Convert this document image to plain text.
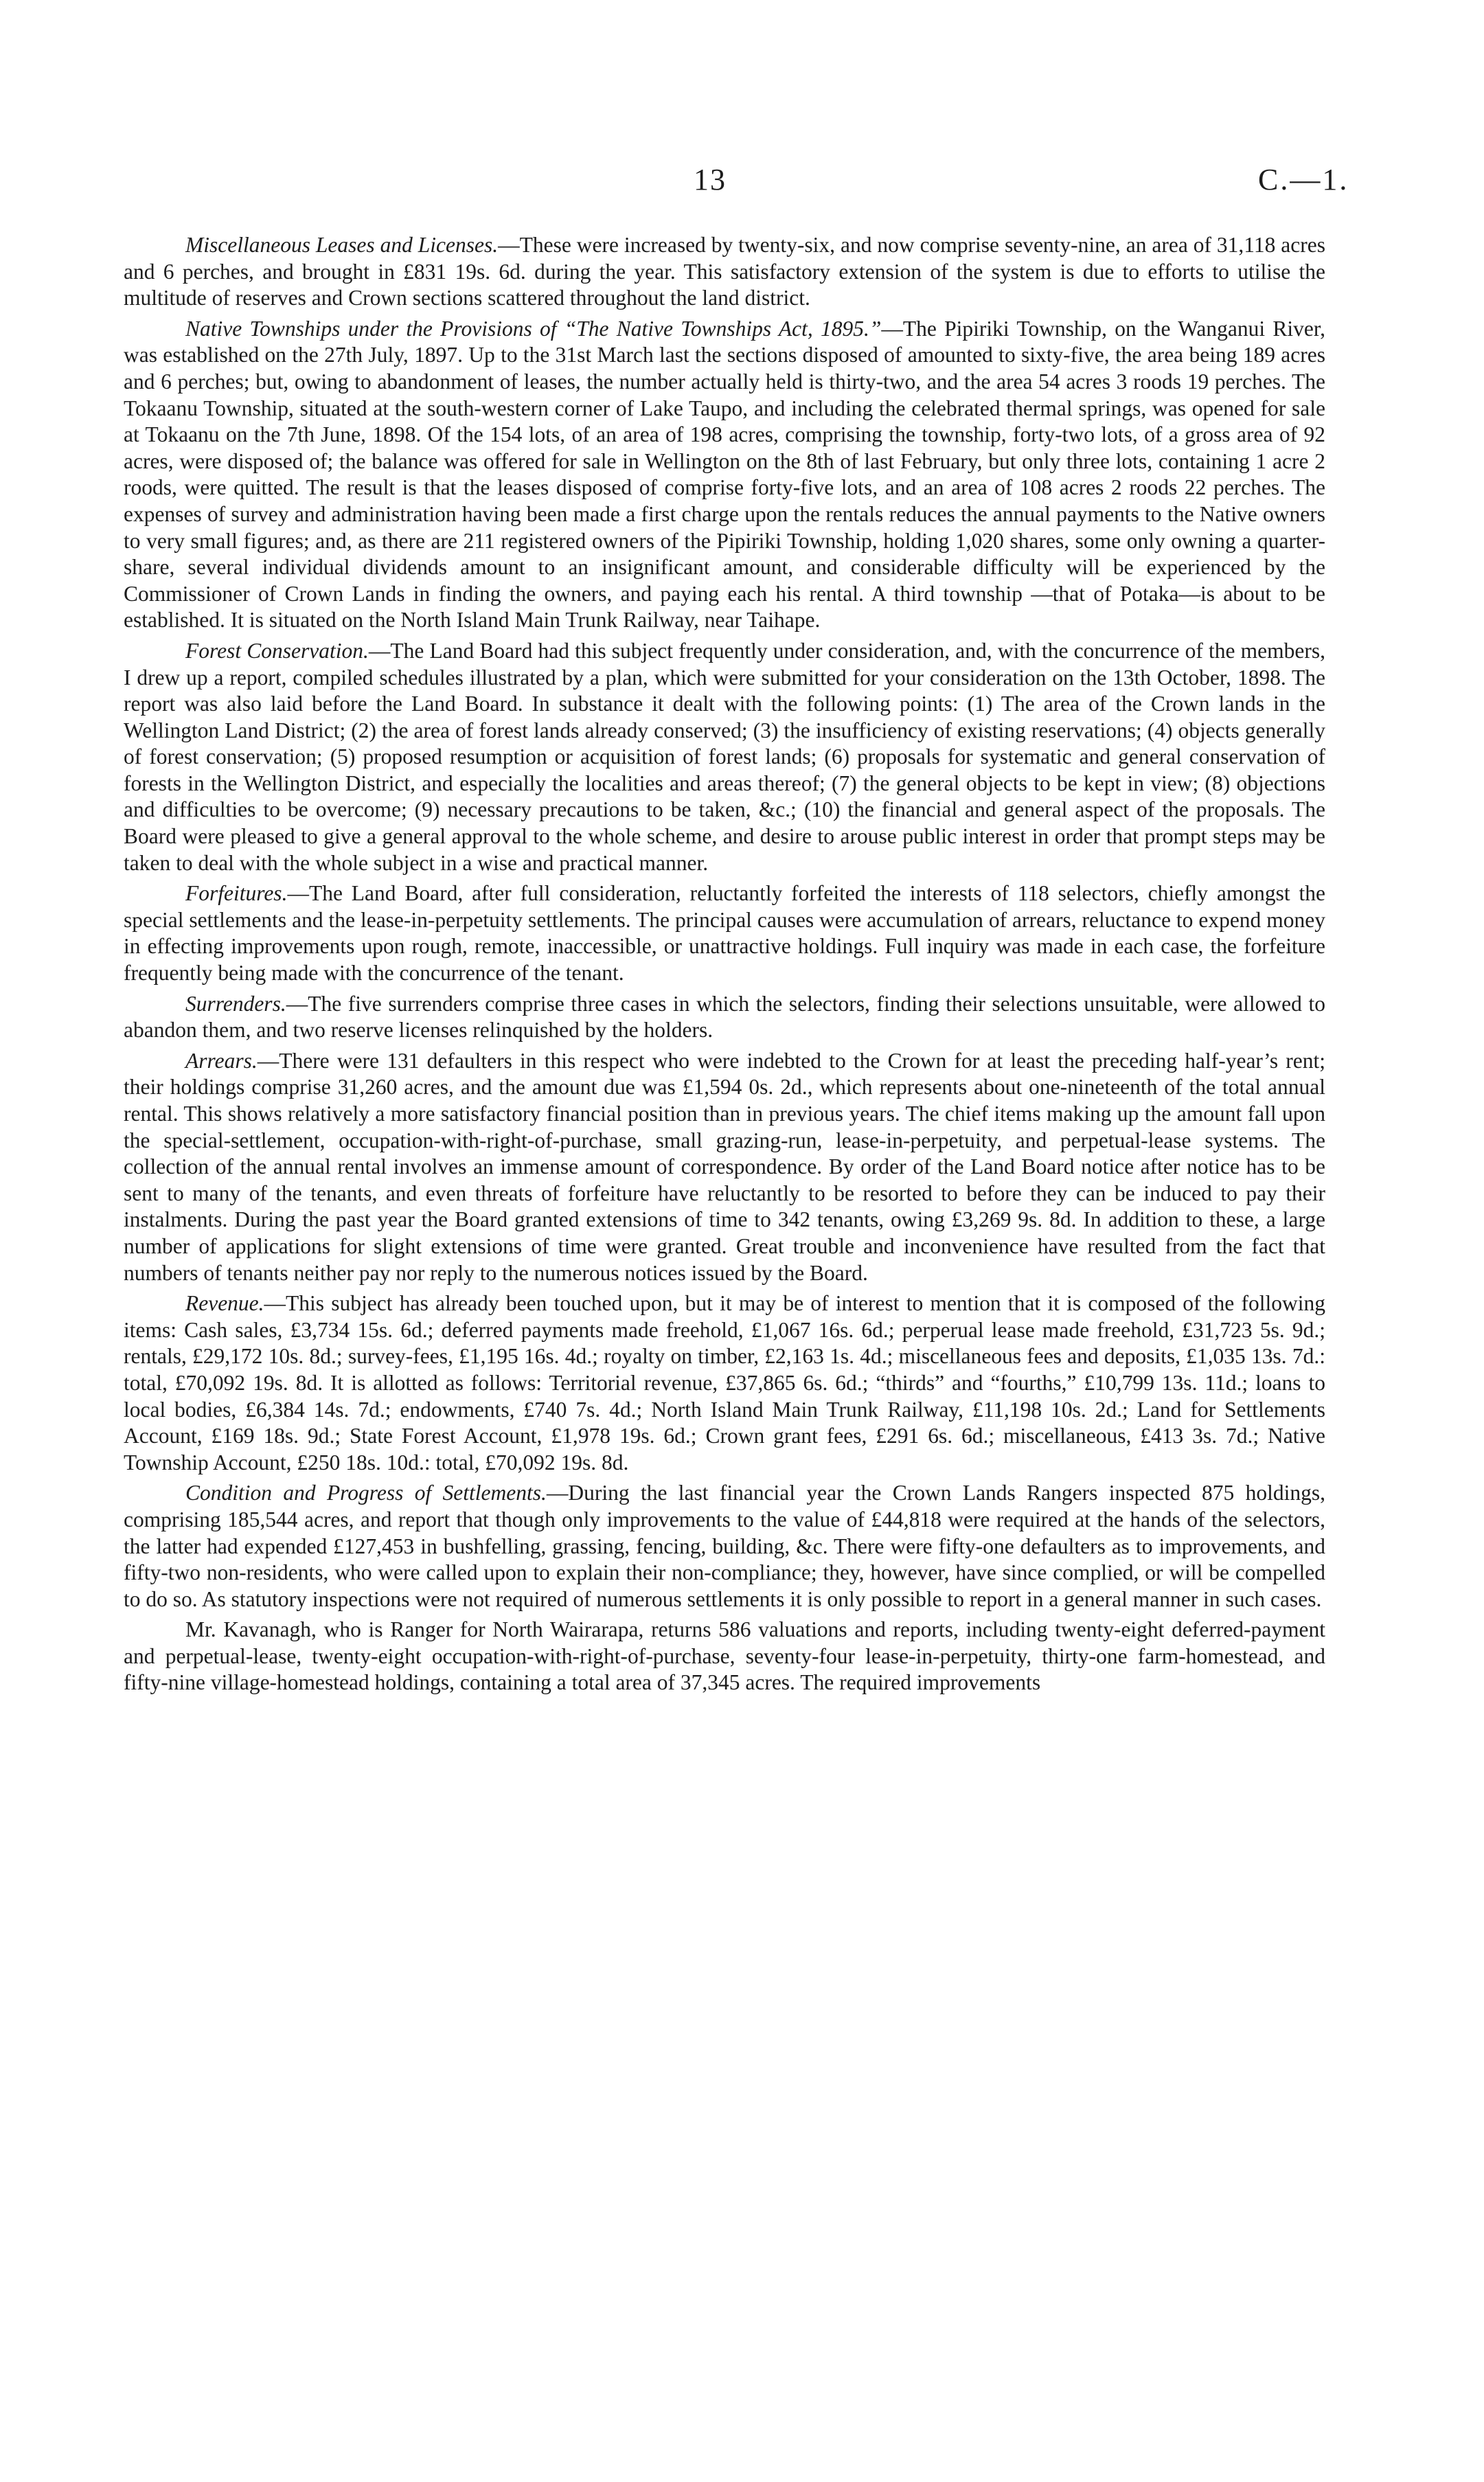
13	C.—1.

Miscellaneous Leases and Licenses.—These were increased by twenty-six, and now comprise seventy-nine, an area of 31,118 acres and 6 perches, and brought in £831 19s. 6d. during the year. This satisfactory extension of the system is due to efforts to utilise the multitude of reserves and Crown sections scattered throughout the land district.

Native Townships under the Provisions of “The Native Townships Act, 1895.”—The Pipiriki Township, on the Wanganui River, was established on the 27th July, 1897. Up to the 31st March last the sections disposed of amounted to sixty-five, the area being 189 acres and 6 perches; but, owing to abandonment of leases, the number actually held is thirty-two, and the area 54 acres 3 roods 19 perches. The Tokaanu Township, situated at the south-western corner of Lake Taupo, and including the celebrated thermal springs, was opened for sale at Tokaanu on the 7th June, 1898. Of the 154 lots, of an area of 198 acres, comprising the township, forty-two lots, of a gross area of 92 acres, were disposed of; the balance was offered for sale in Wellington on the 8th of last February, but only three lots, containing 1 acre 2 roods, were quitted. The result is that the leases disposed of comprise forty-five lots, and an area of 108 acres 2 roods 22 perches. The expenses of survey and administration having been made a first charge upon the rentals reduces the annual payments to the Native owners to very small figures; and, as there are 211 registered owners of the Pipiriki Township, holding 1,020 shares, some only owning a quarter-share, several individual dividends amount to an insignificant amount, and considerable difficulty will be experienced by the Commissioner of Crown Lands in finding the owners, and paying each his rental. A third township —that of Potaka—is about to be established. It is situated on the North Island Main Trunk Railway, near Taihape.

Forest Conservation.—The Land Board had this subject frequently under consideration, and, with the concurrence of the members, I drew up a report, compiled schedules illustrated by a plan, which were submitted for your consideration on the 13th October, 1898. The report was also laid before the Land Board. In substance it dealt with the following points: (1) The area of the Crown lands in the Wellington Land District; (2) the area of forest lands already conserved; (3) the insufficiency of existing reservations; (4) objects generally of forest conservation; (5) proposed resumption or acquisition of forest lands; (6) proposals for systematic and general conservation of forests in the Wellington District, and especially the localities and areas thereof; (7) the general objects to be kept in view; (8) objections and difficulties to be overcome; (9) necessary precautions to be taken, &c.; (10) the financial and general aspect of the proposals. The Board were pleased to give a general approval to the whole scheme, and desire to arouse public interest in order that prompt steps may be taken to deal with the whole subject in a wise and practical manner.

Forfeitures.—The Land Board, after full consideration, reluctantly forfeited the interests of 118 selectors, chiefly amongst the special settlements and the lease-in-perpetuity settlements. The principal causes were accumulation of arrears, reluctance to expend money in effecting improvements upon rough, remote, inaccessible, or unattractive holdings. Full inquiry was made in each case, the forfeiture frequently being made with the concurrence of the tenant.

Surrenders.—The five surrenders comprise three cases in which the selectors, finding their selections unsuitable, were allowed to abandon them, and two reserve licenses relinquished by the holders.

Arrears.—There were 131 defaulters in this respect who were indebted to the Crown for at least the preceding half-year’s rent; their holdings comprise 31,260 acres, and the amount due was £1,594 0s. 2d., which represents about one-nineteenth of the total annual rental. This shows relatively a more satisfactory financial position than in previous years. The chief items making up the amount fall upon the special-settlement, occupation-with-right-of-purchase, small grazing-run, lease-in-perpetuity, and perpetual-lease systems. The collection of the annual rental involves an immense amount of correspondence. By order of the Land Board notice after notice has to be sent to many of the tenants, and even threats of forfeiture have reluctantly to be resorted to before they can be induced to pay their instalments. During the past year the Board granted extensions of time to 342 tenants, owing £3,269 9s. 8d. In addition to these, a large number of applications for slight extensions of time were granted. Great trouble and inconvenience have resulted from the fact that numbers of tenants neither pay nor reply to the numerous notices issued by the Board.

Revenue.—This subject has already been touched upon, but it may be of interest to mention that it is composed of the following items: Cash sales, £3,734 15s. 6d.; deferred payments made freehold, £1,067 16s. 6d.; perperual lease made freehold, £31,723 5s. 9d.; rentals, £29,172 10s. 8d.; survey-fees, £1,195 16s. 4d.; royalty on timber, £2,163 1s. 4d.; miscellaneous fees and deposits, £1,035 13s. 7d.: total, £70,092 19s. 8d. It is allotted as follows: Territorial revenue, £37,865 6s. 6d.; “thirds” and “fourths,” £10,799 13s. 11d.; loans to local bodies, £6,384 14s. 7d.; endowments, £740 7s. 4d.; North Island Main Trunk Railway, £11,198 10s. 2d.; Land for Settlements Account, £169 18s. 9d.; State Forest Account, £1,978 19s. 6d.; Crown grant fees, £291 6s. 6d.; miscellaneous, £413 3s. 7d.; Native Township Account, £250 18s. 10d.: total, £70,092 19s. 8d.

Condition and Progress of Settlements.—During the last financial year the Crown Lands Rangers inspected 875 holdings, comprising 185,544 acres, and report that though only improvements to the value of £44,818 were required at the hands of the selectors, the latter had expended £127,453 in bushfelling, grassing, fencing, building, &c. There were fifty-one defaulters as to improvements, and fifty-two non-residents, who were called upon to explain their non-compliance; they, however, have since complied, or will be compelled to do so. As statutory inspections were not required of numerous settlements it is only possible to report in a general manner in such cases.

Mr. Kavanagh, who is Ranger for North Wairarapa, returns 586 valuations and reports, including twenty-eight deferred-payment and perpetual-lease, twenty-eight occupation-with-right-of-purchase, seventy-four lease-in-perpetuity, thirty-one farm-homestead, and fifty-nine village-homestead holdings, containing a total area of 37,345 acres. The required improvements
